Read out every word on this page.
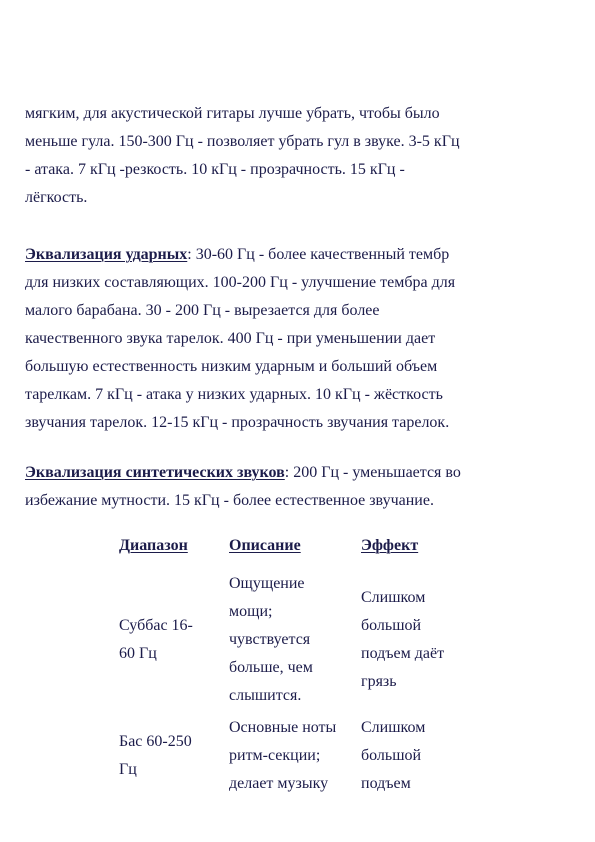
мягким, для акустической гитары лучше убрать, чтобы было
меньше гула. 150-300 Гц - позволяет убрать гул в звуке. 3-5 кГц
- атака. 7 кГц -резкость. 10 кГц - прозрачность. 15 кГц -
лёгкость.

Эквализация ударных: 30-60 Гц - более качественный тембр
для низких составляющих. 100-200 Гц - улучшение тембра для
малого барабана. 30 - 200 Гц - вырезается для более
качественного звука тарелок. 400 Гц - при уменьшении дает
большую естественность низким ударным и больший объем
тарелкам. 7 кГц - атака у низких ударных. 10 кГц - жёсткость
звучания тарелок. 12-15 кГц - прозрачность звучания тарелок.

Эквализация синтетических звуков: 200 Гц - уменьшается во
избежание мутности. 15 кГц - более естественное звучание.

Диапазон	Описание	Эффект

Суббас 16-
60 Гц	Ощущение
мощи;
чувствуется
больше, чем
слышится.	Слишком
большой
подъем даёт
грязь

Бас 60-250
Гц	Основные ноты
ритм-секции;
делает музыку	Слишком
большой
подъем
